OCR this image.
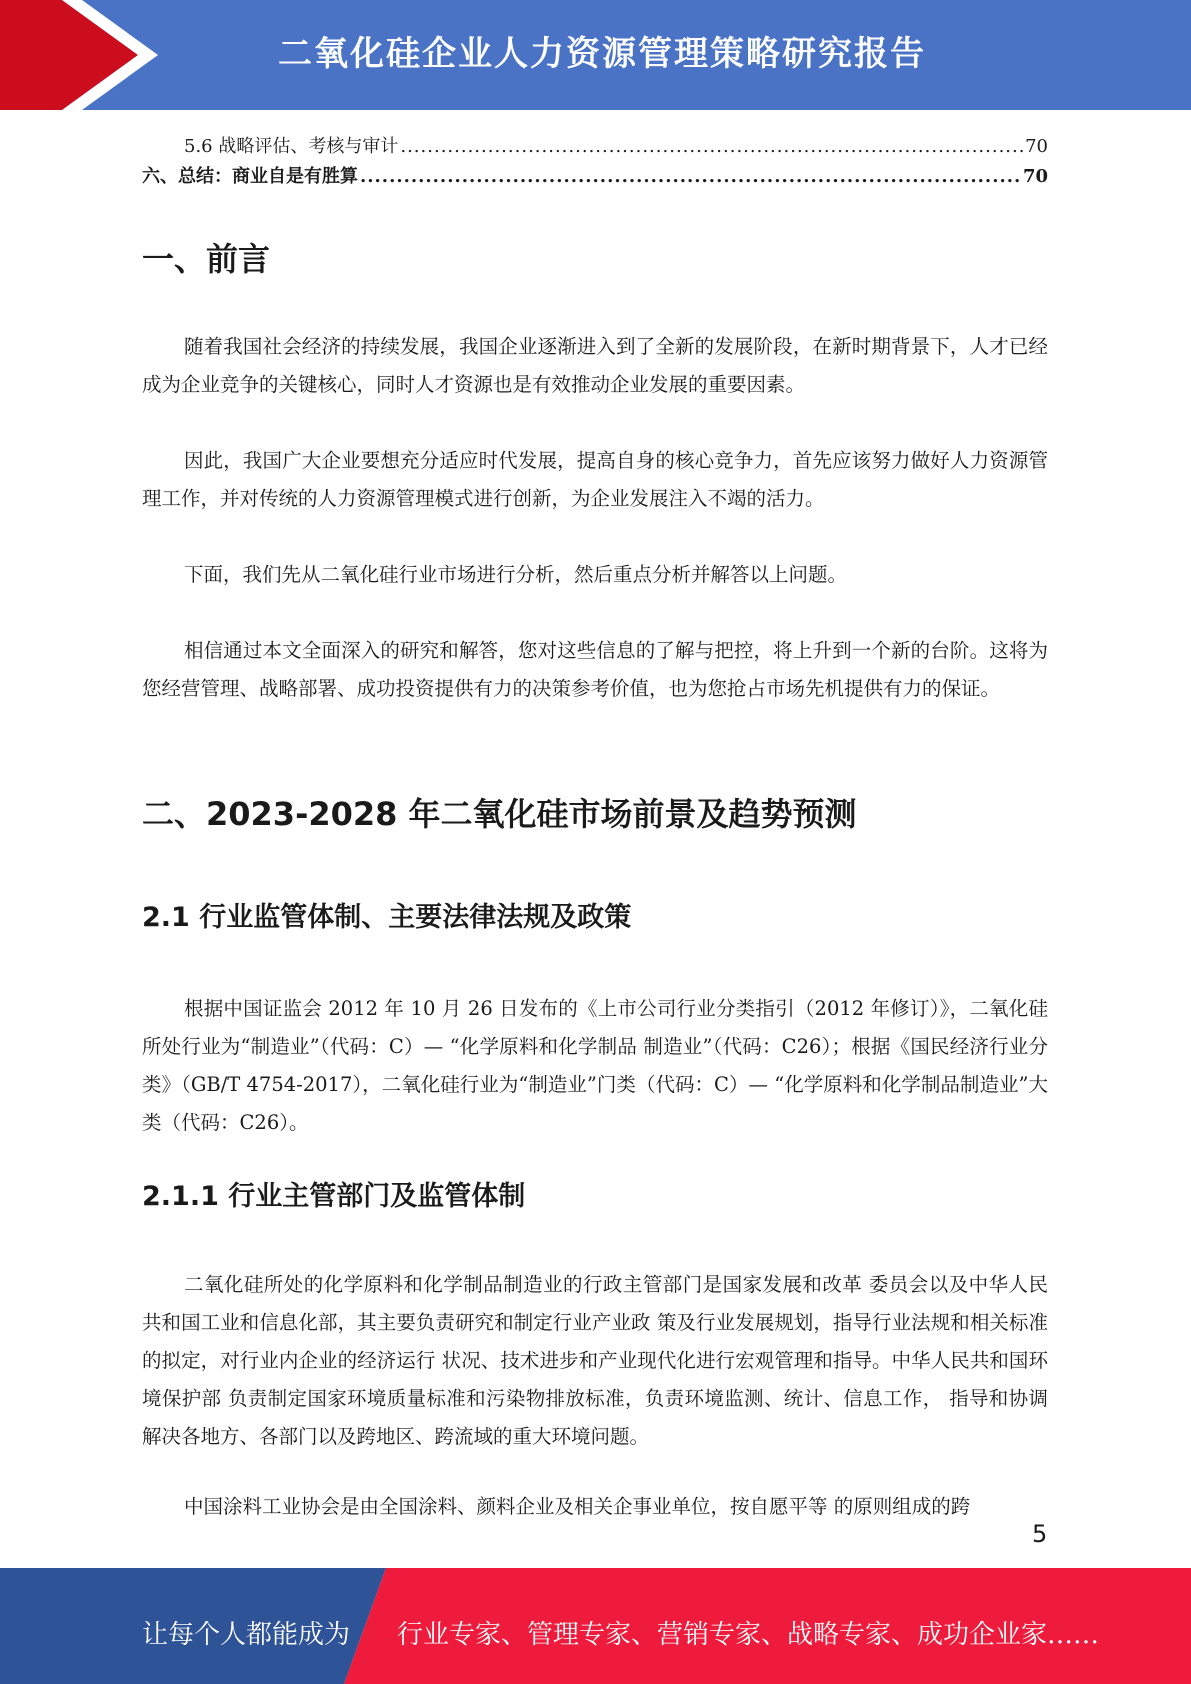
二氧化硅企业人力资源管理策略研究报告
5.6 战略评估、考核与审计 .....	70
六、总结：商业自是有胜算 .....	70
一、前言

随着我国社会经济的持续发展，我国企业逐渐进入到了全新的发展阶段，在新时期背景下，人才已经成为企业竞争的关键核心，同时人才资源也是有效推动企业发展的重要因素。

因此，我国广大企业要想充分适应时代发展，提高自身的核心竞争力，首先应该努力做好人力资源管理工作，并对传统的人力资源管理模式进行创新，为企业发展注入不竭的活力。

下面，我们先从二氧化硅行业市场进行分析，然后重点分析并解答以上问题。

相信通过本文全面深入的研究和解答，您对这些信息的了解与把控，将上升到一个新的台阶。这将为您经营管理、战略部署、成功投资提供有力的决策参考价值，也为您抢占市场先机提供有力的保证。

二、2023-2028 年二氧化硅市场前景及趋势预测
2.1 行业监管体制、主要法律法规及政策

根据中国证监会 2012 年 10 月 26 日发布的《上市公司行业分类指引（2012 年修订）》，二氧化硅所处行业为“制造业”（代码：C）— “化学原料和化学制品 制造业”（代码：C26）；根据《国民经济行业分类》（GB/T 4754-2017），二氧化硅行业为“制造业”门类（代码：C）— “化学原料和化学制品制造业”大类（代码：C26）。

2.1.1 行业主管部门及监管体制

二氧化硅所处的化学原料和化学制品制造业的行政主管部门是国家发展和改革 委员会以及中华人民共和国工业和信息化部，其主要负责研究和制定行业产业政 策及行业发展规划，指导行业法规和相关标准的拟定，对行业内企业的经济运行 状况、技术进步和产业现代化进行宏观管理和指导。中华人民共和国环境保护部 负责制定国家环境质量标准和污染物排放标准，负责环境监测、统计、信息工作， 指导和协调解决各地方、各部门以及跨地区、跨流域的重大环境问题。

中国涂料工业协会是由全国涂料、颜料企业及相关企事业单位，按自愿平等 的原则组成的跨

5
让每个人都能成为 行业专家、管理专家、营销专家、战略专家、成功企业家……
